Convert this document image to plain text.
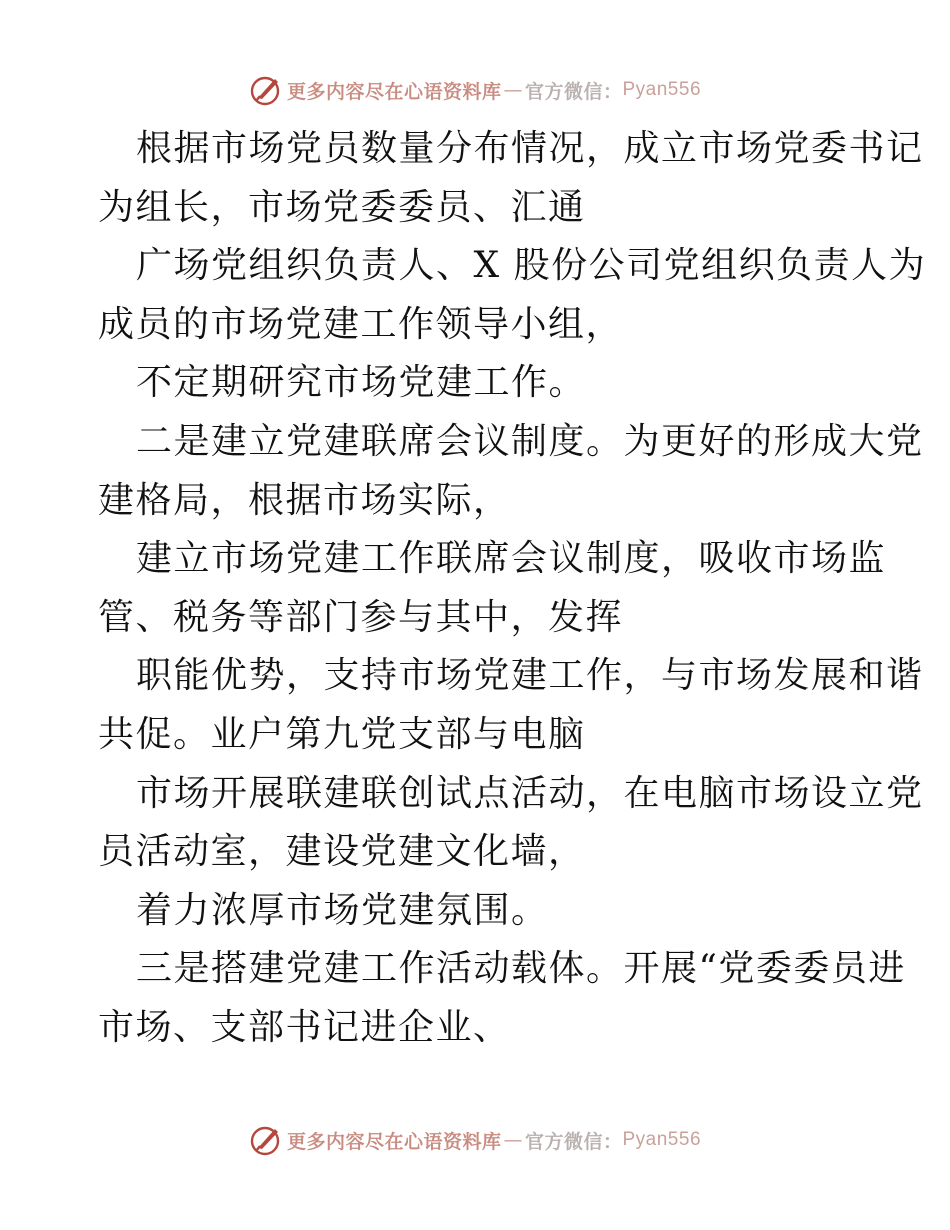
更多内容尽在心语资料库 — 官方微信： Pyan556
根据市场党员数量分布情况，成立市场党委书记
为组长，市场党委委员、汇通
广场党组织负责人、X 股份公司党组织负责人为
成员的市场党建工作领导小组，
不定期研究市场党建工作。
二是建立党建联席会议制度。为更好的形成大党
建格局，根据市场实际，
建立市场党建工作联席会议制度，吸收市场监
管、税务等部门参与其中，发挥
职能优势，支持市场党建工作，与市场发展和谐
共促。业户第九党支部与电脑
市场开展联建联创试点活动，在电脑市场设立党
员活动室，建设党建文化墙，
着力浓厚市场党建氛围。
三是搭建党建工作活动载体。开展“党委委员进
市场、支部书记进企业、
更多内容尽在心语资料库 — 官方微信： Pyan556
